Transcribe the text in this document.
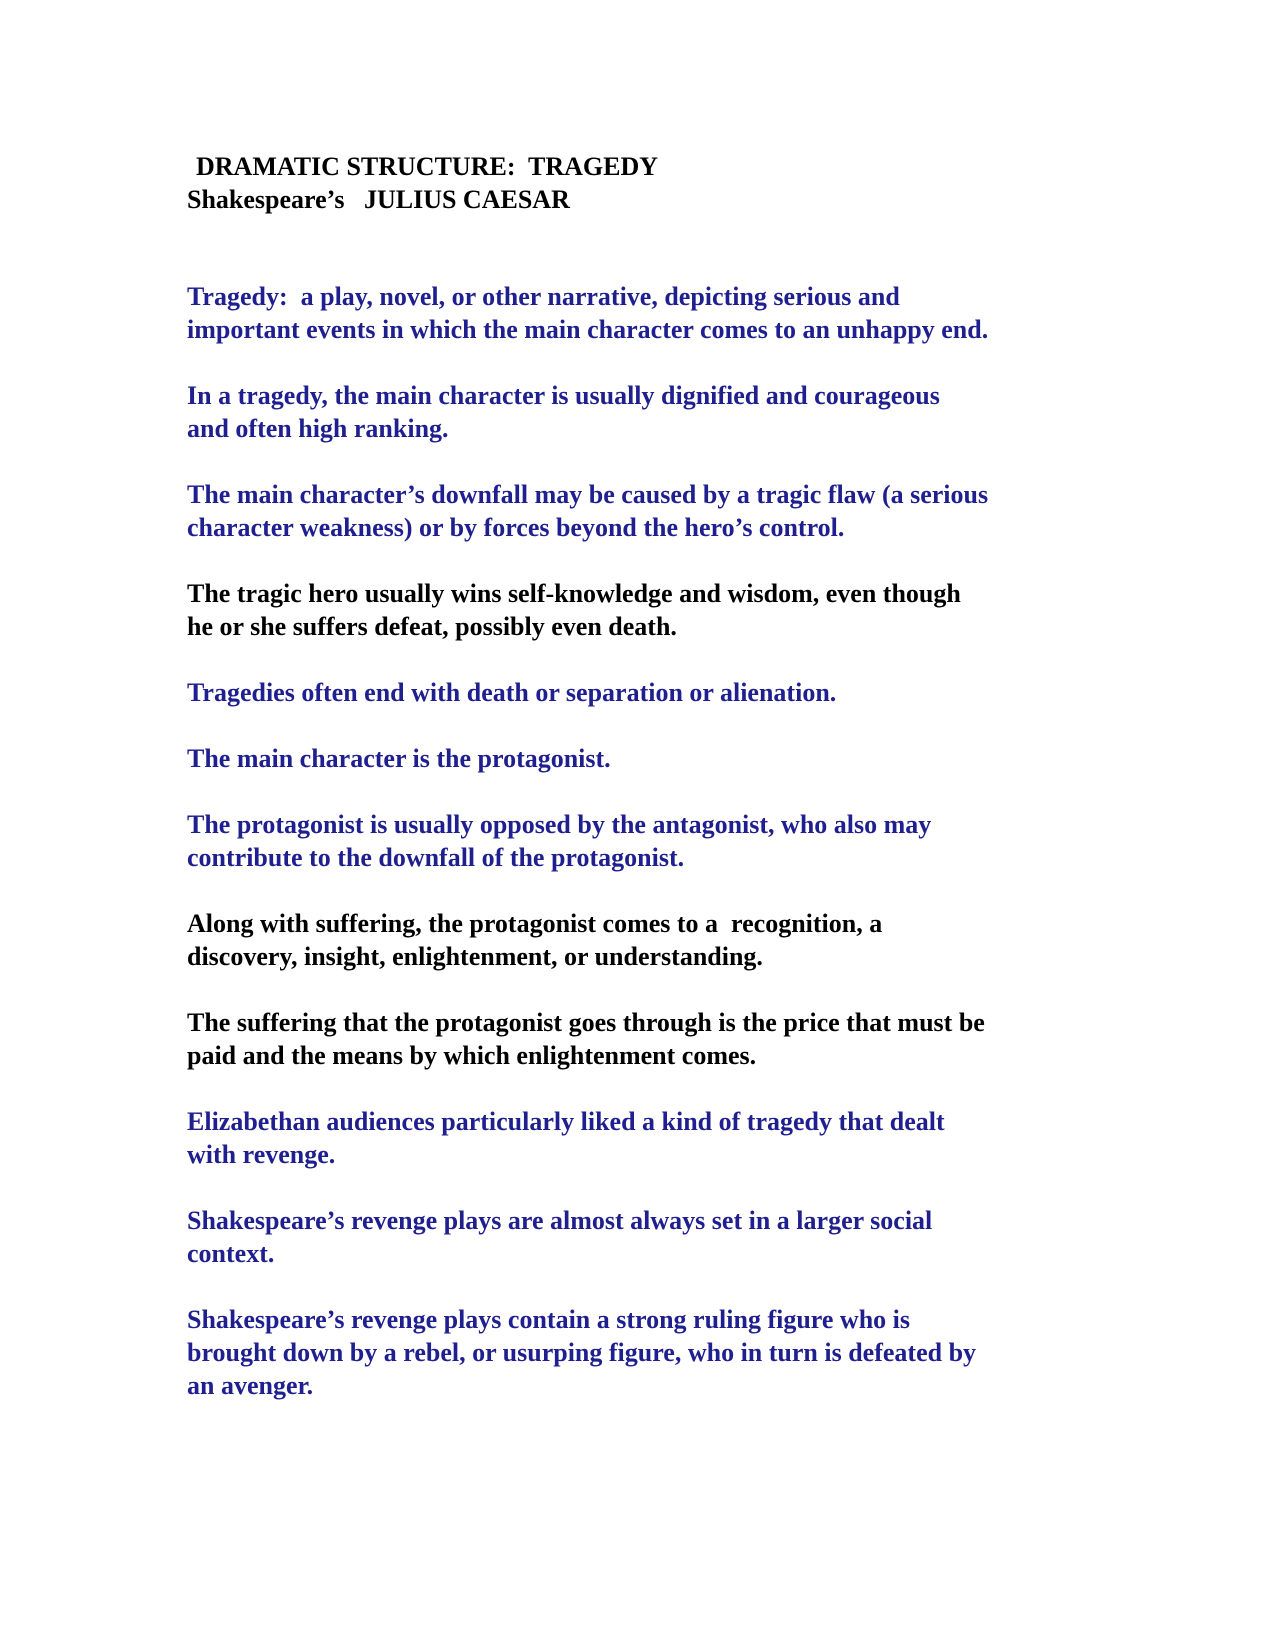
DRAMATIC STRUCTURE:  TRAGEDY
Shakespeare’s   JULIUS CAESAR
Tragedy:  a play, novel, or other narrative, depicting serious and
important events in which the main character comes to an unhappy end.
In a tragedy, the main character is usually dignified and courageous
and often high ranking.
The main character’s downfall may be caused by a tragic flaw (a serious
character weakness) or by forces beyond the hero’s control.
The tragic hero usually wins self-knowledge and wisdom, even though
he or she suffers defeat, possibly even death.
Tragedies often end with death or separation or alienation.
The main character is the protagonist.
The protagonist is usually opposed by the antagonist, who also may
contribute to the downfall of the protagonist.
Along with suffering, the protagonist comes to a  recognition, a
discovery, insight, enlightenment, or understanding.
The suffering that the protagonist goes through is the price that must be
paid and the means by which enlightenment comes.
Elizabethan audiences particularly liked a kind of tragedy that dealt
with revenge.
Shakespeare’s revenge plays are almost always set in a larger social
context.
Shakespeare’s revenge plays contain a strong ruling figure who is
brought down by a rebel, or usurping figure, who in turn is defeated by
an avenger.
